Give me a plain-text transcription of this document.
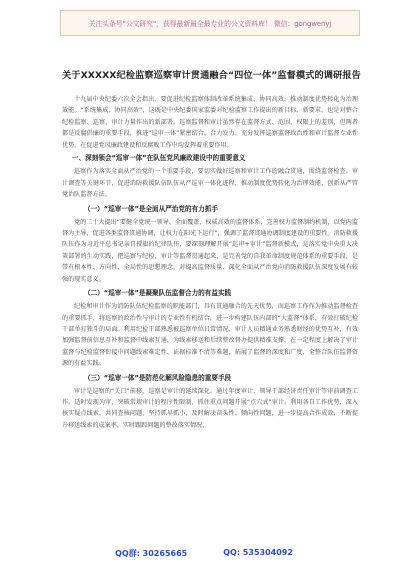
关注头条号"公文研究"，获得最新最全最专业的公文资料库！ 微信：gongwenyj
关于XXXXX纪检监察巡察审计贯通融合“四位一体”监督模式的调研报告

十九届中央纪委六次全会指出，要促进纪检监察体制改革系统集成、协同高效，推动制度优势转化为治理效能。“系统集成、协同高效”，这既是中央纪委国家监委对纪检监察工作提出的新目标、新要求，也是对整合纪检监察、巡察、审计力量作出的新部署。巡察监督和审计虽然存在监督方式、范围、权限上的差别，但两者都是反腐倡廉的重要手段，推进“巡审一体”紧密结合，合力发力，充分发挥巡察监督政治性和审计监督专业性优势，在促进党风廉政建设和反腐败工作中均发挥着重要作用。

一、深刻领会“巡审一体”在队伍党风廉政建设中的重要意义

巡察作为落实全面从严治党的一个重要手段，要切实做好巡察和审计工作的融合贯通，围绕监督检查。审计调查等关键环节，促进消防救援队伍队伍从严巡审一体化进程，推动制度优势转化为治理效能，创新从严管党治队监督方法。

（一）“巡审一体”是全面从严治党的有力抓手

党的二十大提出“要健全党统一领导、全面覆盖、权威高效的监督体系，完善权力监督制约机制，以党内监督为主导，促进各类监督贯通协调，让权力在阳光下运行”，强调了监督贯通协调制度建设的重要性。消防救援队伍作为习近平总书记亲自授旗的纪律队伍，要深刻理解开展“巡审+审计”监督新模式，是落实党中央重大决策部署的生动实践，把巡察与纪检、审计等监督贯通起来，是完善党的自我革命制度规范体系的重要手段，是带有根本性、方向性、全局性的思想理念，对提高监督质量、深化全面从严治党向消防救援队伍深度发展有较强的现实意义。

（二）“巡审一体”是凝聚队伍监督合力的有益实践

纪检和审计作为消防队伍纪检监察的职能部门，具有贯通融合的先天优势，而巡察工作作为推动监督检查的重要抓手，将巡察的政治性与审计的专业性有机结合，进一步构建队伍内部的“大监督”体系，有效打破纪检干部单打独斗的局面。利用纪检干部熟悉被巡察单位日常情况、审计人员精通业务熟悉财经的优势互补，有效加强监督前信息互补和监督中线索互通，为线索移送和后续整改督办提供精准支撑，在一定程度上解决了审计监督与纪检监督衔接中问题线索难定性、证据标准不清等难题，拓展了监督的深度和广度，全整合队伍监督资源的有益实践。

（三）“巡审一体”是防范化解风险隐患的重要手段

审计是巡察的“关口”前移，巡察是审计的延续深化。通过年度审计、领导干部经济责任审计等审前调查工作，适时发现为审，突破常规审计的程序性限制，抓住重点问题开展“点穴式”审计。利用各自工作优势，深入核实疑点线索，共同查核问题，坚持抓早抓小，及时解决苗头性、倾向性问题，进一步提高合作成效，不断提升移送线索的成案率，实时跟踪问题的整改落实情况，

QQ群: 30265665	QQ: 535304092
